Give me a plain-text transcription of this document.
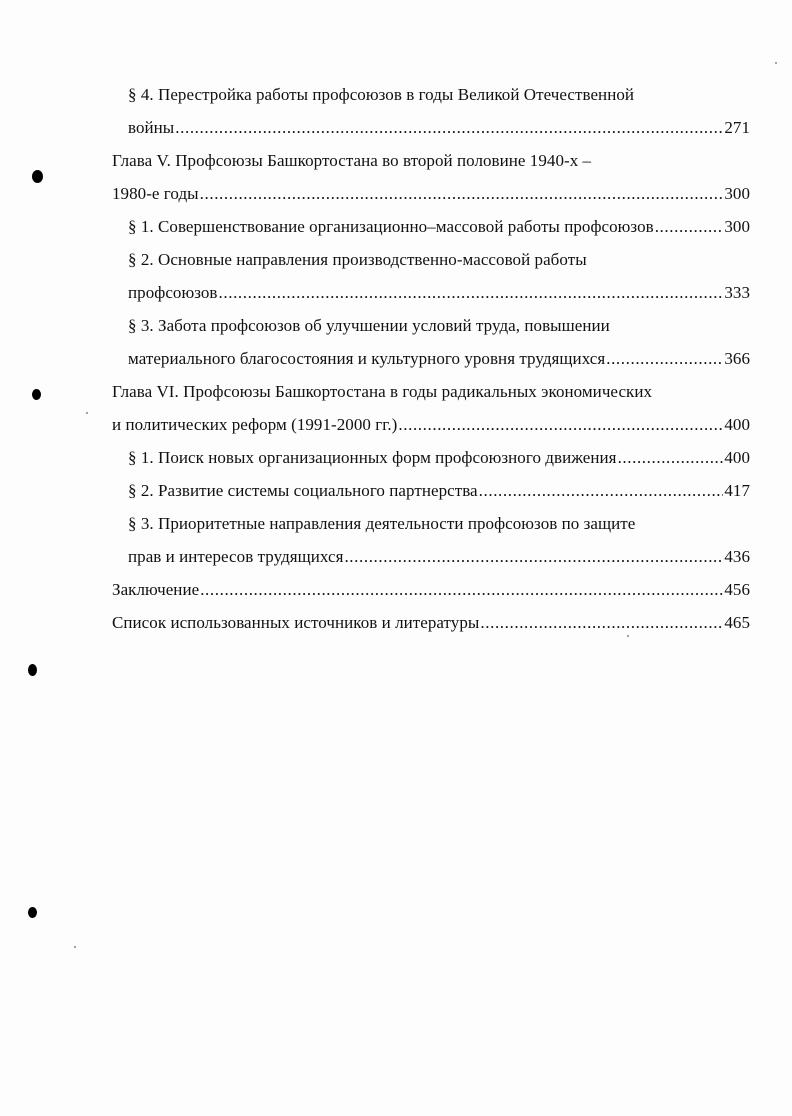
§ 4. Перестройка работы профсоюзов в годы Великой Отечественной
войны .....	271
Глава V. Профсоюзы Башкортостана во второй половине 1940-х –
1980-е годы .....	300
§ 1. Совершенствование организационно–массовой работы профсоюзов .....	300
§ 2. Основные направления производственно-массовой работы
профсоюзов .....	333
§ 3. Забота профсоюзов об улучшении условий труда, повышении
материального благосостояния и культурного уровня трудящихся .....	366
Глава VI. Профсоюзы Башкортостана в годы радикальных экономических
и политических реформ (1991-2000 гг.) .....	400
§ 1. Поиск новых организационных форм профсоюзного движения .....	400
§ 2. Развитие системы социального партнерства .....	417
§ 3. Приоритетные направления деятельности профсоюзов по защите
прав и интересов трудящихся .....	436
Заключение .....	456
Список использованных источников и литературы .....	465
